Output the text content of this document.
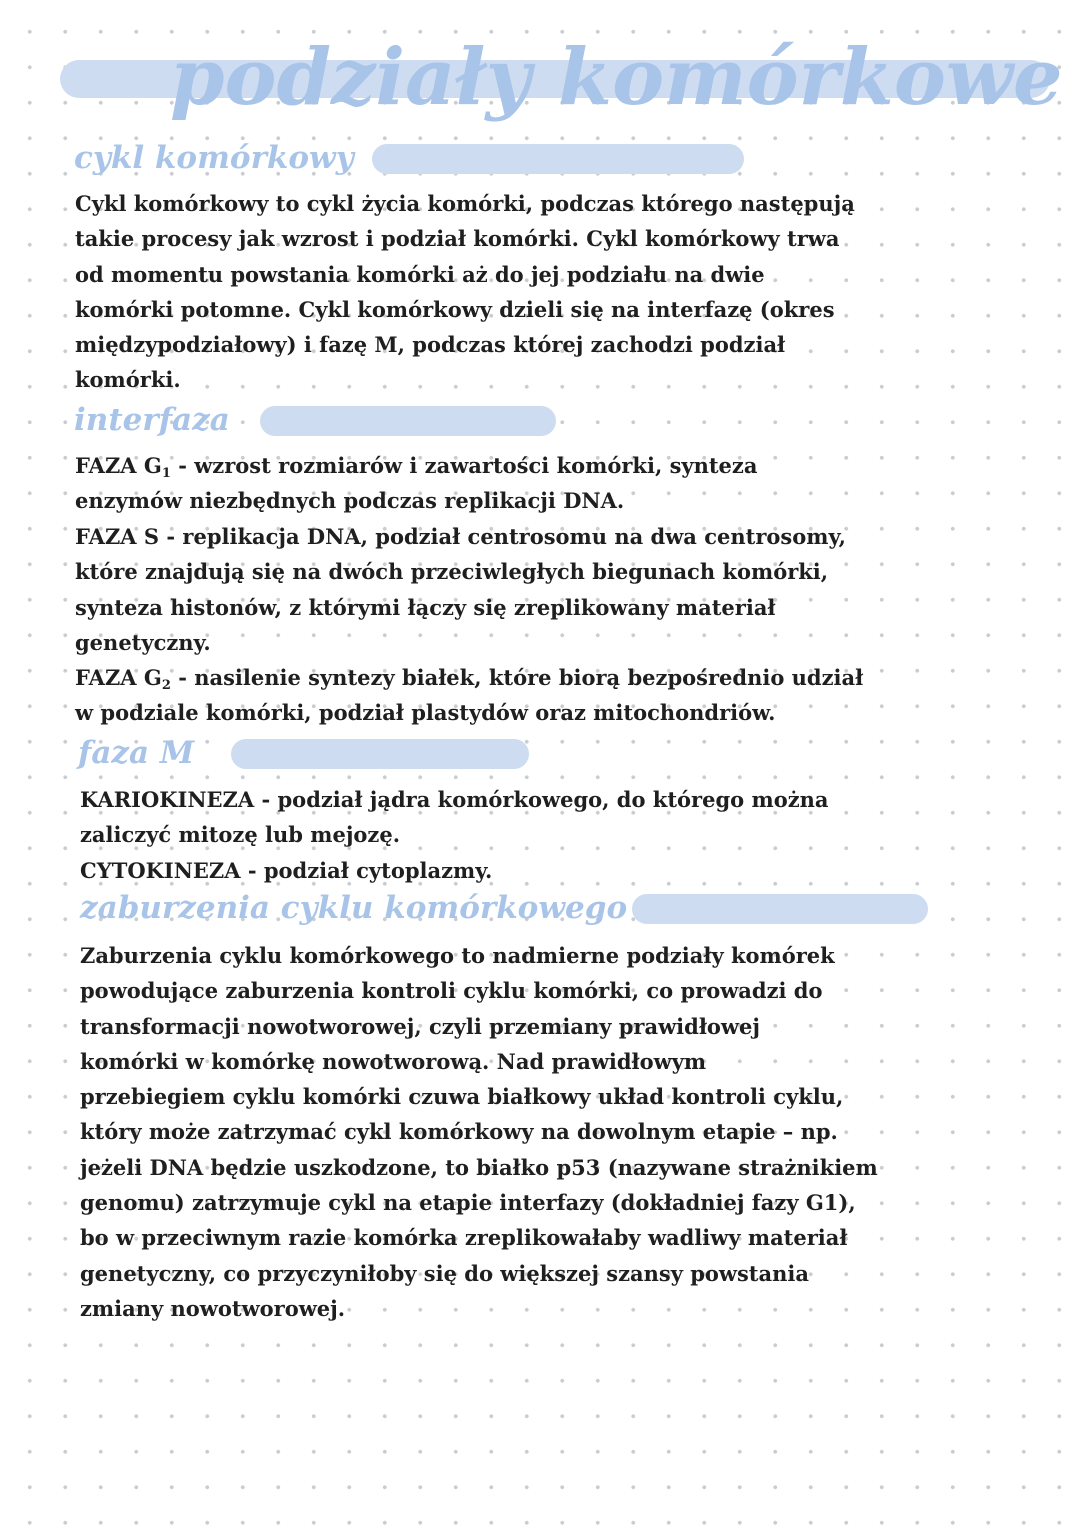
podziały komórkowe
cykl komórkowy

Cykl komórkowy to cykl życia komórki, podczas którego następują
takie procesy jak wzrost i podział komórki. Cykl komórkowy trwa
od momentu powstania komórki aż do jej podziału na dwie
komórki potomne. Cykl komórkowy dzieli się na interfazę (okres
międzypodziałowy) i fazę M, podczas której zachodzi podział
komórki.

interfaza

FAZA $G_1$ - wzrost rozmiarów i zawartości komórki, synteza
enzymów niezbędnych podczas replikacji DNA.

FAZA S - replikacja DNA, podział centrosomu na dwa centrosomy,
które znajdują się na dwóch przeciwległych biegunach komórki,
synteza histonów, z którymi łączy się zreplikowany materiał
genetyczny.

FAZA $G_2$ - nasilenie syntezy białek, które biorą bezpośrednio udział
w podziale komórki, podział plastydów oraz mitochondriów.

faza M

KARIOKINEZA - podział jądra komórkowego, do którego można
zaliczyć mitozę lub mejozę.
CYTOKINEZA - podział cytoplazmy.

zaburzenia cyklu komórkowego

Zaburzenia cyklu komórkowego to nadmierne podziały komórek
powodujące zaburzenia kontroli cyklu komórki, co prowadzi do
transformacji nowotworowej, czyli przemiany prawidłowej
komórki w komórkę nowotworową. Nad prawidłowym
przebiegiem cyklu komórki czuwa białkowy układ kontroli cyklu,
który może zatrzymać cykl komórkowy na dowolnym etapie – np.
jeżeli DNA będzie uszkodzone, to białko p53 (nazywane strażnikiem
genomu) zatrzymuje cykl na etapie interfazy (dokładniej fazy G1),
bo w przeciwnym razie komórka zreplikowałaby wadliwy materiał
genetyczny, co przyczyniłoby się do większej szansy powstania
zmiany nowotworowej.
